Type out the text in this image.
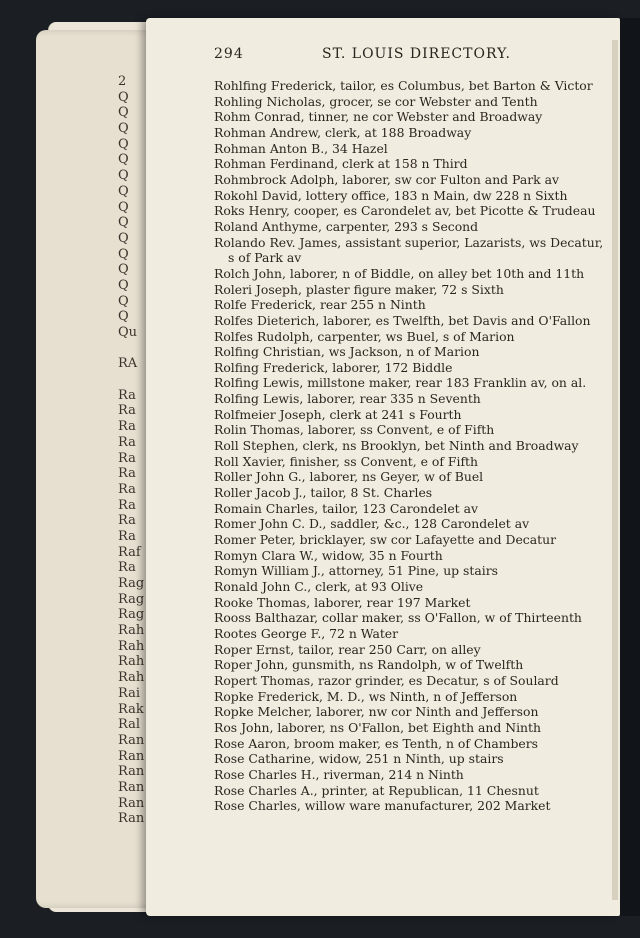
2
Q
Q
Q
Q
Q
Q
Q
Q
Q
Q
Q
Q
Q
Q
Q
Qu
RA
Ra
Ra
Ra
Ra
Ra
Ra
Ra
Ra
Ra
Ra
Raf
Ra
Rag
Rag
Rag
Rah
Rah
Rah
Rah
Rai
Rak
Ral
Ran
Ran
Ran
Ran
Ran
Ran
294	ST. LOUIS DIRECTORY.
Rohlfing Frederick, tailor, es Columbus, bet Barton & Victor
Rohling Nicholas, grocer, se cor Webster and Tenth
Rohm Conrad, tinner, ne cor Webster and Broadway
Rohman Andrew, clerk, at 188 Broadway
Rohman Anton B., 34 Hazel
Rohman Ferdinand, clerk at 158 n Third
Rohmbrock Adolph, laborer, sw cor Fulton and Park av
Rokohl David, lottery office, 183 n Main, dw 228 n Sixth
Roks Henry, cooper, es Carondelet av, bet Picotte & Trudeau
Roland Anthyme, carpenter, 293 s Second
Rolando Rev. James, assistant superior, Lazarists, ws Decatur,
s of Park av
Rolch John, laborer, n of Biddle, on alley bet 10th and 11th
Roleri Joseph, plaster figure maker, 72 s Sixth
Rolfe Frederick, rear 255 n Ninth
Rolfes Dieterich, laborer, es Twelfth, bet Davis and O'Fallon
Rolfes Rudolph, carpenter, ws Buel, s of Marion
Rolfing Christian, ws Jackson, n of Marion
Rolfing Frederick, laborer, 172 Biddle
Rolfing Lewis, millstone maker, rear 183 Franklin av, on al.
Rolfing Lewis, laborer, rear 335 n Seventh
Rolfmeier Joseph, clerk at 241 s Fourth
Rolin Thomas, laborer, ss Convent, e of Fifth
Roll Stephen, clerk, ns Brooklyn, bet Ninth and Broadway
Roll Xavier, finisher, ss Convent, e of Fifth
Roller John G., laborer, ns Geyer, w of Buel
Roller Jacob J., tailor, 8 St. Charles
Romain Charles, tailor, 123 Carondelet av
Romer John C. D., saddler, &c., 128 Carondelet av
Romer Peter, bricklayer, sw cor Lafayette and Decatur
Romyn Clara W., widow, 35 n Fourth
Romyn William J., attorney, 51 Pine, up stairs
Ronald John C., clerk, at 93 Olive
Rooke Thomas, laborer, rear 197 Market
Rooss Balthazar, collar maker, ss O'Fallon, w of Thirteenth
Rootes George F., 72 n Water
Roper Ernst, tailor, rear 250 Carr, on alley
Roper John, gunsmith, ns Randolph, w of Twelfth
Ropert Thomas, razor grinder, es Decatur, s of Soulard
Ropke Frederick, M. D., ws Ninth, n of Jefferson
Ropke Melcher, laborer, nw cor Ninth and Jefferson
Ros John, laborer, ns O'Fallon, bet Eighth and Ninth
Rose Aaron, broom maker, es Tenth, n of Chambers
Rose Catharine, widow, 251 n Ninth, up stairs
Rose Charles H., riverman, 214 n Ninth
Rose Charles A., printer, at Republican, 11 Chesnut
Rose Charles, willow ware manufacturer, 202 Market
